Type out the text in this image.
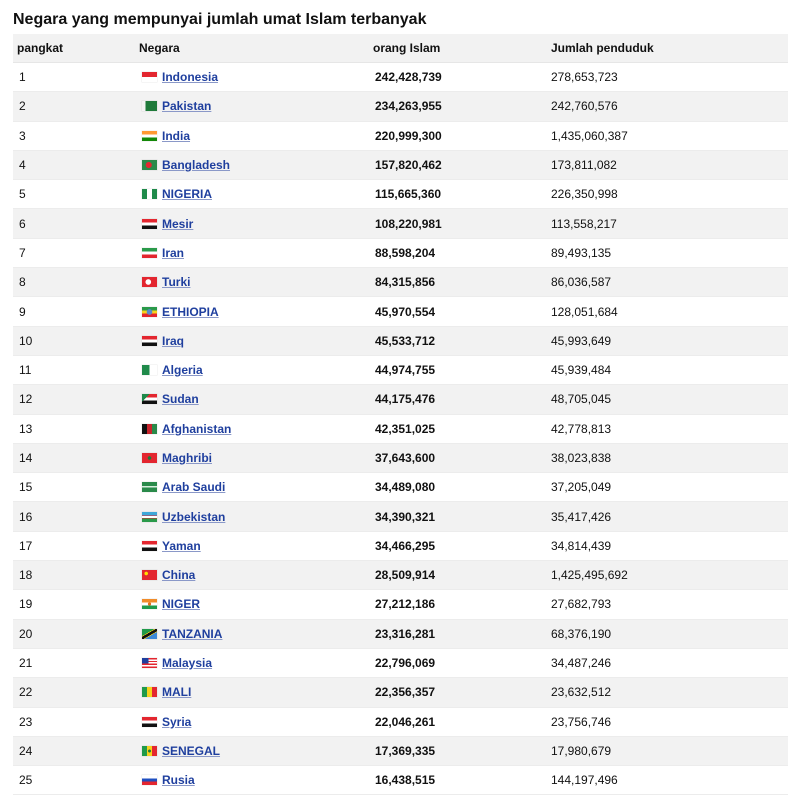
Negara yang mempunyai jumlah umat Islam terbanyak
pangkat	Negara	orang Islam	Jumlah penduduk
1	Indonesia	242,428,739	278,653,723
2	Pakistan	234,263,955	242,760,576
3	India	220,999,300	1,435,060,387
4	Bangladesh	157,820,462	173,811,082
5	NIGERIA	115,665,360	226,350,998
6	Mesir	108,220,981	113,558,217
7	Iran	88,598,204	89,493,135
8	Turki	84,315,856	86,036,587
9	ETHIOPIA	45,970,554	128,051,684
10	Iraq	45,533,712	45,993,649
11	Algeria	44,974,755	45,939,484
12	Sudan	44,175,476	48,705,045
13	Afghanistan	42,351,025	42,778,813
14	Maghribi	37,643,600	38,023,838
15	Arab Saudi	34,489,080	37,205,049
16	Uzbekistan	34,390,321	35,417,426
17	Yaman	34,466,295	34,814,439
18	China	28,509,914	1,425,495,692
19	NIGER	27,212,186	27,682,793
20	TANZANIA	23,316,281	68,376,190
21	Malaysia	22,796,069	34,487,246
22	MALI	22,356,357	23,632,512
23	Syria	22,046,261	23,756,746
24	SENEGAL	17,369,335	17,980,679
25	Rusia	16,438,515	144,197,496
